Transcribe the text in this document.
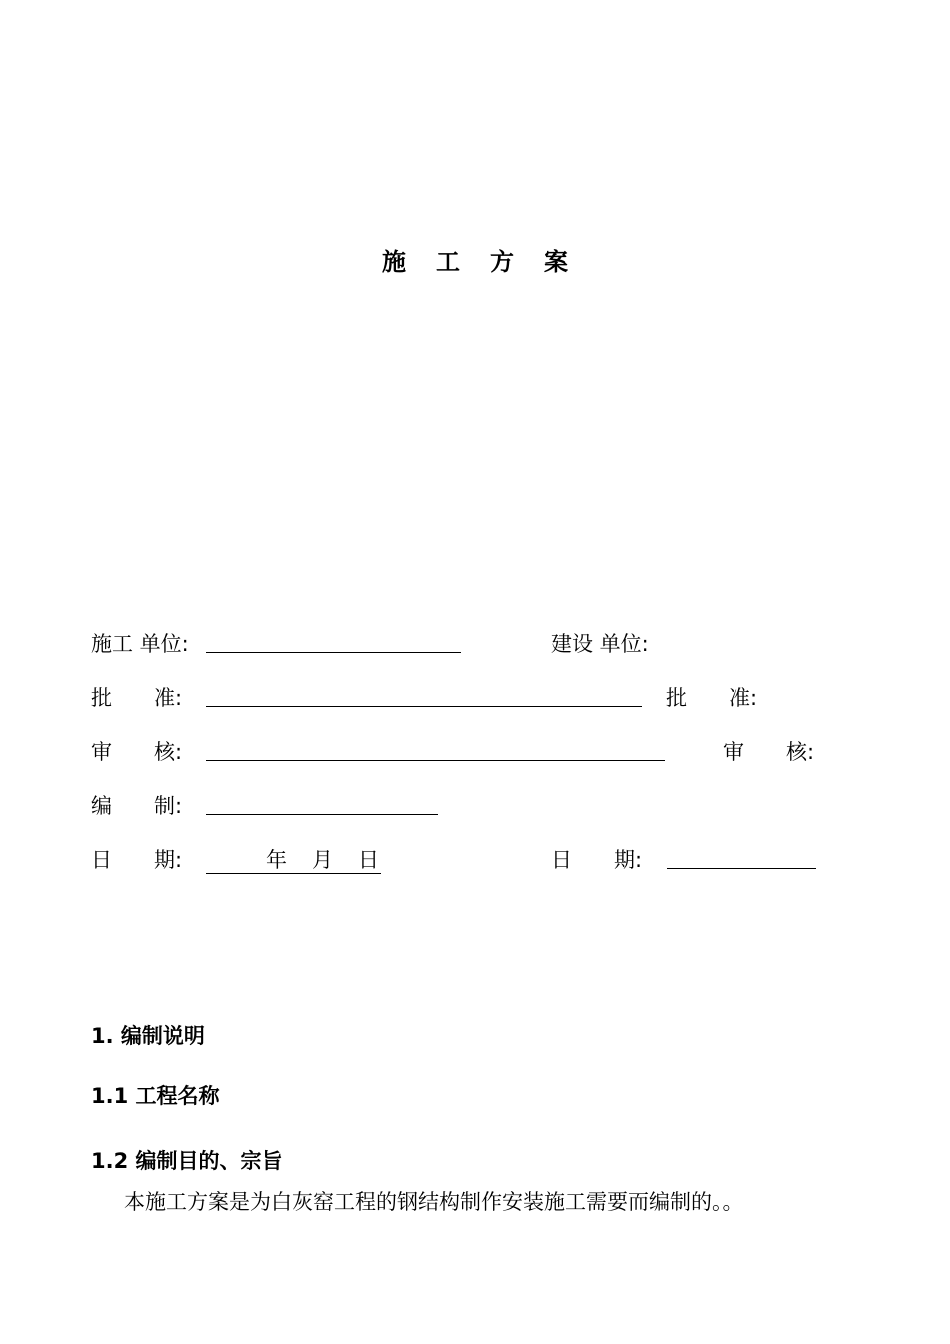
施工方案
施工 单位:	建设 单位:
批　　准:	批　　准:
审　　核:	审　　核:
编　　制:
日　　期:	年 月 日	日　　期:
1. 编制说明
1.1 工程名称
1.2 编制目的、宗旨
本施工方案是为白灰窑工程的钢结构制作安装施工需要而编制的。。
